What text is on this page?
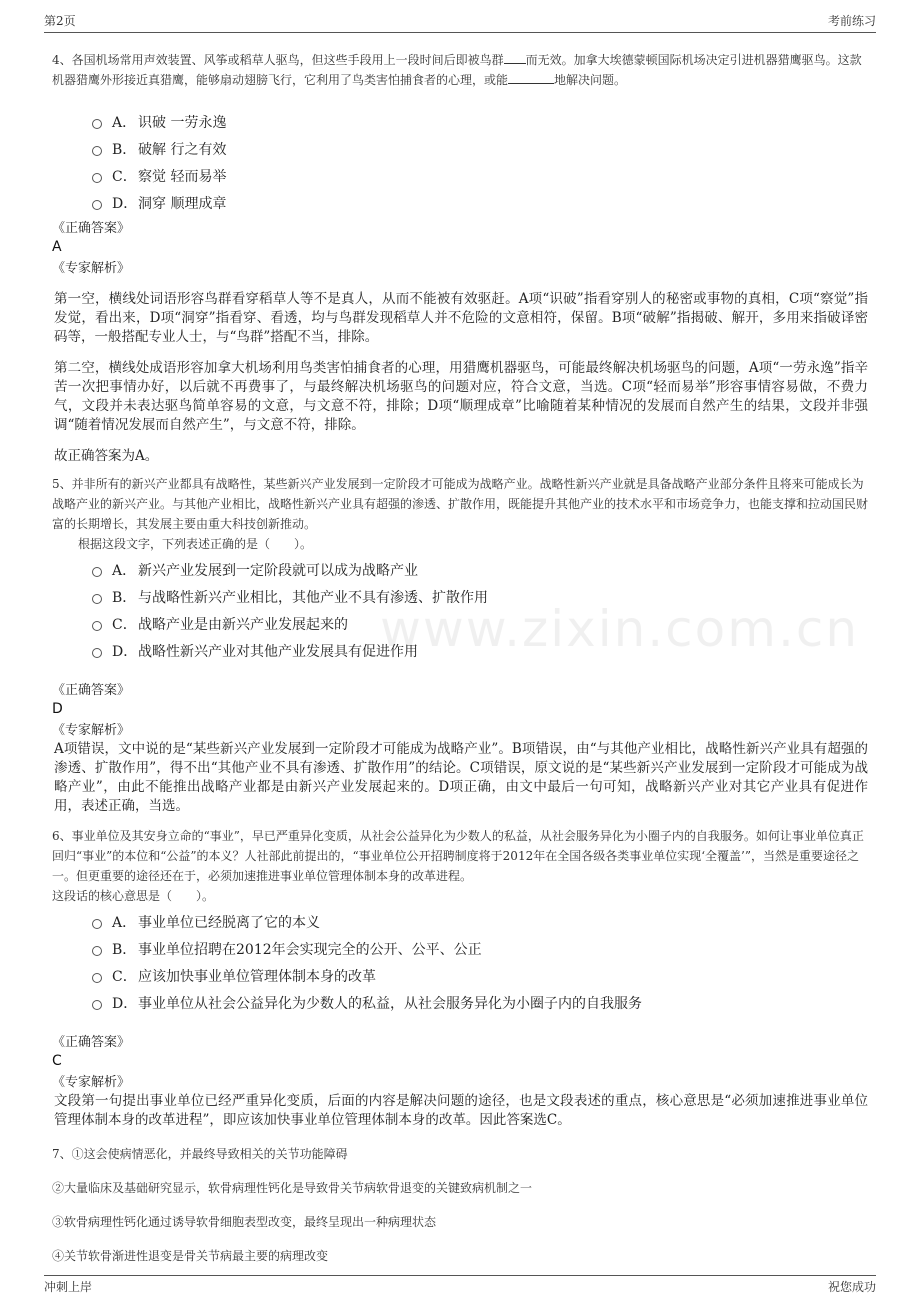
第2页	考前练习
www.zixin.com.cn

4、各国机场常用声效装置、风筝或稻草人驱鸟，但这些手段用上一段时间后即被鸟群 而无效。加拿大埃德蒙顿国际机场决定引进机器猎鹰驱鸟。这款机器猎鹰外形接近真猎鹰，能够扇动翅膀飞行，它利用了鸟类害怕捕食者的心理，或能	地解决问题。

A． 识破 一劳永逸
B． 破解 行之有效
C． 察觉 轻而易举
D． 洞穿 顺理成章
《正确答案》
A
《专家解析》

第一空，横线处词语形容鸟群看穿稻草人等不是真人，从而不能被有效驱赶。A项“识破”指看穿别人的秘密或事物的真相，C项“察觉”指发觉，看出来，D项“洞穿”指看穿、看透，均与鸟群发现稻草人并不危险的文意相符，保留。B项“破解”指揭破、解开，多用来指破译密码等，一般搭配专业人士，与“鸟群”搭配不当，排除。

第二空，横线处成语形容加拿大机场利用鸟类害怕捕食者的心理，用猎鹰机器驱鸟，可能最终解决机场驱鸟的问题，A项“一劳永逸”指辛苦一次把事情办好，以后就不再费事了，与最终解决机场驱鸟的问题对应，符合文意，当选。C项“轻而易举”形容事情容易做，不费力气，文段并未表达驱鸟简单容易的文意，与文意不符，排除；D项“顺理成章”比喻随着某种情况的发展而自然产生的结果，文段并非强调“随着情况发展而自然产生”，与文意不符，排除。

故正确答案为A。

5、并非所有的新兴产业都具有战略性，某些新兴产业发展到一定阶段才可能成为战略产业。战略性新兴产业就是具备战略产业部分条件且将来可能成长为战略产业的新兴产业。与其他产业相比，战略性新兴产业具有超强的渗透、扩散作用，既能提升其他产业的技术水平和市场竞争力，也能支撑和拉动国民财富的长期增长，其发展主要由重大科技创新推动。

根据这段文字，下列表述正确的是（　　）。

A． 新兴产业发展到一定阶段就可以成为战略产业
B． 与战略性新兴产业相比，其他产业不具有渗透、扩散作用
C． 战略产业是由新兴产业发展起来的
D． 战略性新兴产业对其他产业发展具有促进作用
《正确答案》
D
《专家解析》

A项错误，文中说的是“某些新兴产业发展到一定阶段才可能成为战略产业”。B项错误，由“与其他产业相比，战略性新兴产业具有超强的渗透、扩散作用”，得不出“其他产业不具有渗透、扩散作用”的结论。C项错误，原文说的是“某些新兴产业发展到一定阶段才可能成为战略产业”，由此不能推出战略产业都是由新兴产业发展起来的。D项正确，由文中最后一句可知，战略新兴产业对其它产业具有促进作用，表述正确，当选。

6、事业单位及其安身立命的“事业”，早已严重异化变质，从社会公益异化为少数人的私益，从社会服务异化为小圈子内的自我服务。如何让事业单位真正回归“事业”的本位和“公益”的本义？人社部此前提出的，“事业单位公开招聘制度将于2012年在全国各级各类事业单位实现‘全覆盖’”，当然是重要途径之一。但更重要的途径还在于，必须加速推进事业单位管理体制本身的改革进程。

这段话的核心意思是（　　）。

A． 事业单位已经脱离了它的本义
B． 事业单位招聘在2012年会实现完全的公开、公平、公正
C． 应该加快事业单位管理体制本身的改革
D． 事业单位从社会公益异化为少数人的私益，从社会服务异化为小圈子内的自我服务
《正确答案》
C
《专家解析》

文段第一句提出事业单位已经严重异化变质，后面的内容是解决问题的途径，也是文段表述的重点，核心意思是“必须加速推进事业单位管理体制本身的改革进程”，即应该加快事业单位管理体制本身的改革。因此答案选C。

7、①这会使病情恶化，并最终导致相关的关节功能障碍

②大量临床及基础研究显示，软骨病理性钙化是导致骨关节病软骨退变的关键致病机制之一

③软骨病理性钙化通过诱导软骨细胞表型改变，最终呈现出一种病理状态

④关节软骨渐进性退变是骨关节病最主要的病理改变

冲刺上岸	祝您成功
